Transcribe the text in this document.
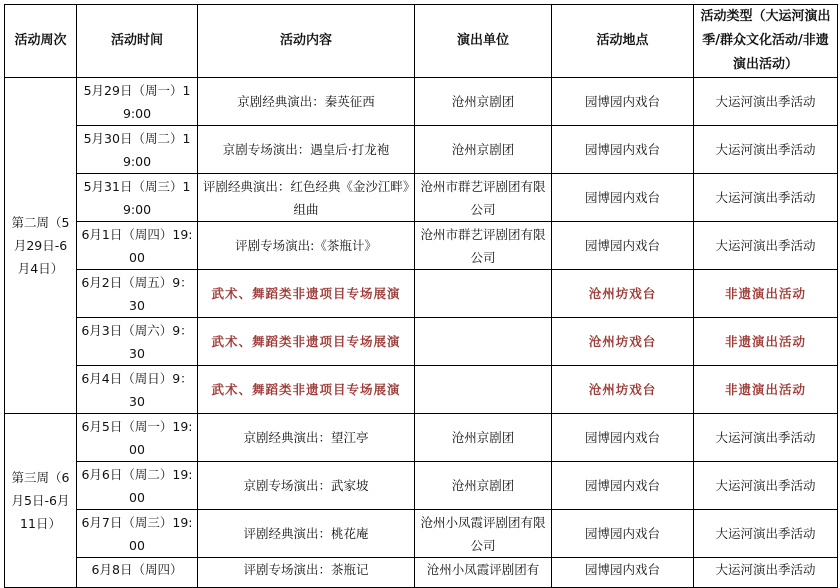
活动周次	活动时间	活动内容	演出单位	活动地点	活动类型（大运河演出季/群众文化活动/非遗演出活动）
第二周（5月29日-6月4日）	5月29日（周一）19:00	京剧经典演出：秦英征西	沧州京剧团	园博园内戏台	大运河演出季活动
	5月30日（周二）19:00	京剧专场演出：遇皇后·打龙袍	沧州京剧团	园博园内戏台	大运河演出季活动
	5月31日（周三）19:00	评剧经典演出：红色经典《金沙江畔》组曲	沧州市群艺评剧团有限公司	园博园内戏台	大运河演出季活动
	6月1日（周四）19:00	评剧专场演出:《茶瓶计》	沧州市群艺评剧团有限公司	园博园内戏台	大运河演出季活动
	6月2日（周五）9：30	武术、舞蹈类非遗项目专场展演		沧州坊戏台	非遗演出活动
	6月3日（周六）9：30	武术、舞蹈类非遗项目专场展演		沧州坊戏台	非遗演出活动
	6月4日（周日）9：30	武术、舞蹈类非遗项目专场展演		沧州坊戏台	非遗演出活动
第三周（6月5日-6月11日）	6月5日（周一）19:00	京剧经典演出：望江亭	沧州京剧团	园博园内戏台	大运河演出季活动
	6月6日（周二）19:00	京剧专场演出：武家坡	沧州京剧团	园博园内戏台	大运河演出季活动
	6月7日（周三）19:00	评剧经典演出：桃花庵	沧州小凤霞评剧团有限公司	园博园内戏台	大运河演出季活动
	6月8日（周四）	评剧专场演出：茶瓶记	沧州小凤霞评剧团有	园博园内戏台	大运河演出季活动
